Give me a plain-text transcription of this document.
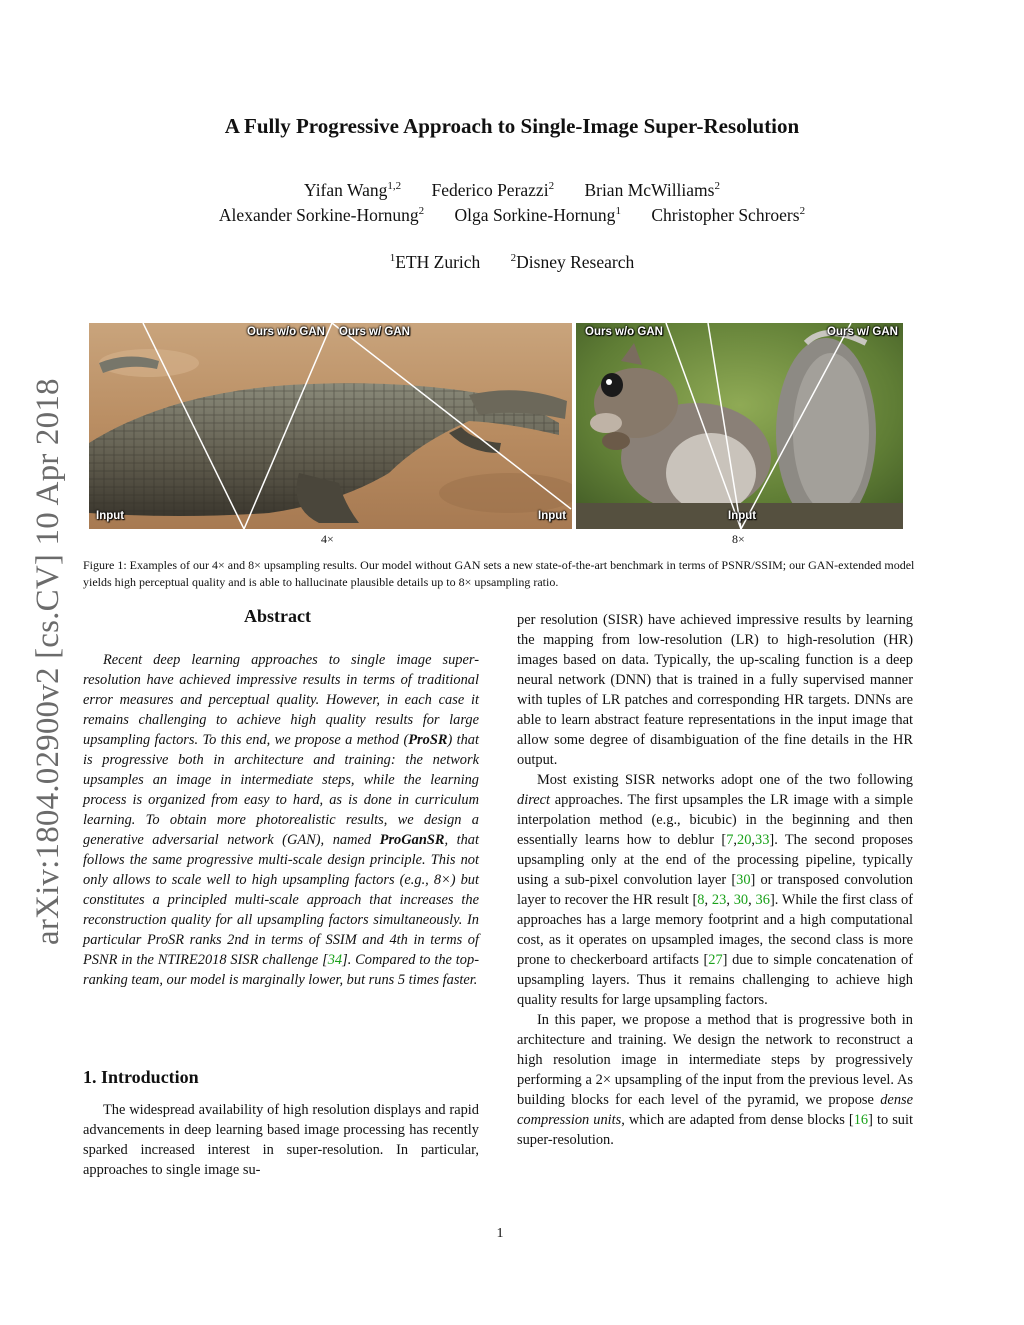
A Fully Progressive Approach to Single-Image Super-Resolution
Yifan Wang$^{1,2}$ Federico Perazzi$^2$ Brian McWilliams$^2$
Alexander Sorkine-Hornung$^2$ Olga Sorkine-Hornung$^1$ Christopher Schroers$^2$
$^1$ETH Zurich	$^2$Disney Research
arXiv:1804.02900v2 [cs.CV] 10 Apr 2018
Ours w/o GAN Ours w/ GAN
Input	Input
Ours w/o GAN	Ours w/ GAN
Input
4×	8×
Figure 1: Examples of our 4× and 8× upsampling results. Our model without GAN sets a new state-of-the-art benchmark in terms of PSNR/SSIM; our GAN-extended model yields high perceptual quality and is able to hallucinate plausible details up to 8× upsampling ratio.
Abstract
Recent deep learning approaches to single image super-resolution have achieved impressive results in terms of traditional error measures and perceptual quality. However, in each case it remains challenging to achieve high quality results for large upsampling factors. To this end, we propose a method (ProSR) that is progressive both in architecture and training: the network upsamples an image in intermediate steps, while the learning process is organized from easy to hard, as is done in curriculum learning. To obtain more photorealistic results, we design a generative adversarial network (GAN), named ProGanSR, that follows the same progressive multi-scale design principle. This not only allows to scale well to high upsampling factors (e.g., 8×) but constitutes a principled multi-scale approach that increases the reconstruction quality for all upsampling factors simultaneously. In particular ProSR ranks 2nd in terms of SSIM and 4th in terms of PSNR in the NTIRE2018 SISR challenge [34]. Compared to the top-ranking team, our model is marginally lower, but runs 5 times faster.
1. Introduction
The widespread availability of high resolution displays and rapid advancements in deep learning based image processing has recently sparked increased interest in super-resolution. In particular, approaches to single image su-

per resolution (SISR) have achieved impressive results by learning the mapping from low-resolution (LR) to high-resolution (HR) images based on data. Typically, the up-scaling function is a deep neural network (DNN) that is trained in a fully supervised manner with tuples of LR patches and corresponding HR targets. DNNs are able to learn abstract feature representations in the input image that allow some degree of disambiguation of the fine details in the HR output.

Most existing SISR networks adopt one of the two following direct approaches. The first upsamples the LR image with a simple interpolation method (e.g., bicubic) in the beginning and then essentially learns how to deblur [7,20,33]. The second proposes upsampling only at the end of the processing pipeline, typically using a sub-pixel convolution layer [30] or transposed convolution layer to recover the HR result [8, 23, 30, 36]. While the first class of approaches has a large memory footprint and a high computational cost, as it operates on upsampled images, the second class is more prone to checkerboard artifacts [27] due to simple concatenation of upsampling layers. Thus it remains challenging to achieve high quality results for large upsampling factors.

In this paper, we propose a method that is progressive both in architecture and training. We design the network to reconstruct a high resolution image in intermediate steps by progressively performing a 2× upsampling of the input from the previous level. As building blocks for each level of the pyramid, we propose dense compression units, which are adapted from dense blocks [16] to suit super-resolution.

1
